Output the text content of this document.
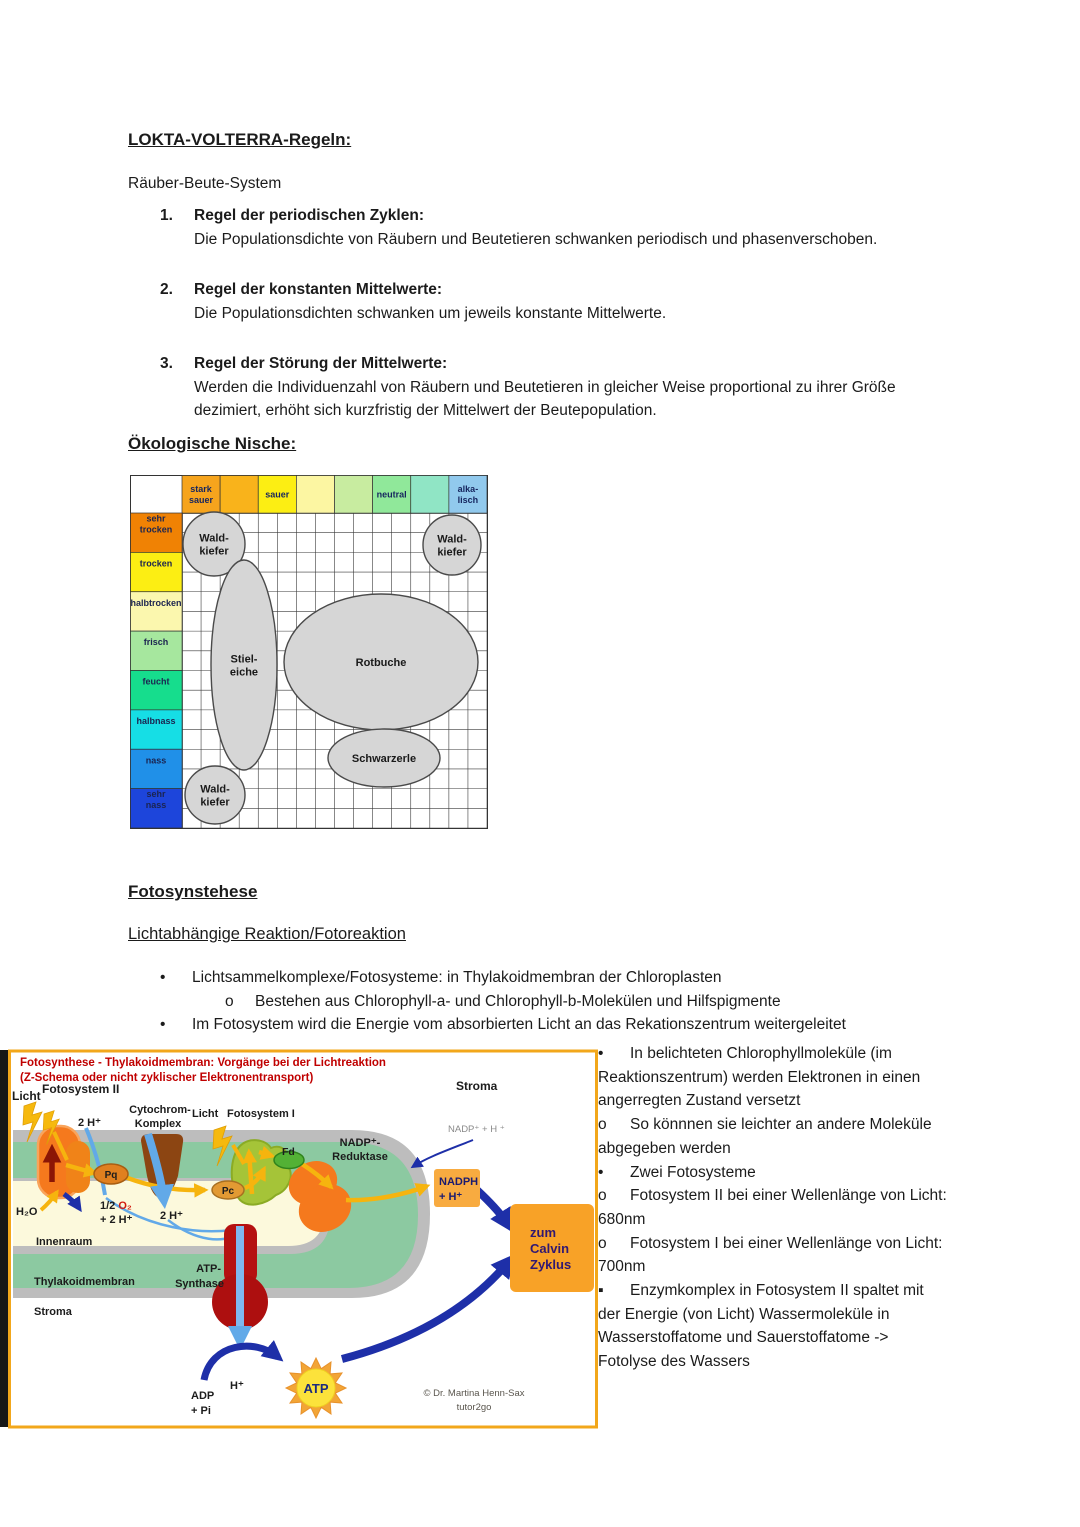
LOKTA-VOLTERRA-Regeln:
Räuber-Beute-System
1.	Regel der periodischen Zyklen:
Die Populationsdichte von Räubern und Beutetieren schwanken periodisch und phasenverschoben.
2.	Regel der konstanten Mittelwerte:
Die Populationsdichten schwanken um jeweils konstante Mittelwerte.
3.	Regel der Störung der Mittelwerte:
Werden die Individuenzahl von Räubern und Beutetieren in gleicher Weise proportional zu ihrer Größe dezimiert, erhöht sich kurzfristig der Mittelwert der Beutepopulation.
Ökologische Nische:
stark
sauer
sauer	neutral
alka-
lisch
sehr
trocken
trocken
halbtrocken
frisch
feucht
halbnass
nass
sehr
nass
Wald-
kiefer
Wald-
kiefer
Stiel-
eiche
Rotbuche
Schwarzerle
Wald-
kiefer
Fotosynstehese
Lichtabhängige Reaktion/Fotoreaktion

• Lichtsammelkomplexe/Fotosysteme: in Thylakoidmembran der Chloroplasten

o Bestehen aus Chlorophyll-a- und Chlorophyll-b-Molekülen und Hilfspigmente

• Im Fotosystem wird die Energie vom absorbierten Licht an das Rekationszentrum weitergeleitet

Fotosynthese - Thylakoidmembran: Vorgänge bei der Lichtreaktion
(Z-Schema oder nicht zyklischer Elektronentransport)
Licht Fotosystem II	Stroma
2 H⁺
Cytochrom-
Komplex
Licht Fotosystem I
Fd
NADP⁺-
Reduktase
NADP⁺ + H ⁺
Pq
Pc
H₂O	1/2 O₂
+ 2 H⁺	2 H⁺
Innenraum
Thylakoidmembran
Stroma
ATP-
Synthase
NADPH
+ H⁺
zum
Calvin
Zyklus
H⁺
ADP
+ Pi
ATP	© Dr. Martina Henn-Sax
tutor2go

• In belichteten Chlorophyllmoleküle (im Reaktionszentrum) werden Elektronen in einen angerregten Zustand versetzt

o So könnnen sie leichter an andere Moleküle abgegeben werden

• Zwei Fotosysteme

o Fotosystem II bei einer Wellenlänge von Licht: 680nm

o Fotosystem I bei einer Wellenlänge von Licht: 700nm

▪ Enzymkomplex in Fotosystem II spaltet mit der Energie (von Licht) Wassermoleküle in Wasserstoffatome und Sauerstoffatome -> Fotolyse des Wassers
